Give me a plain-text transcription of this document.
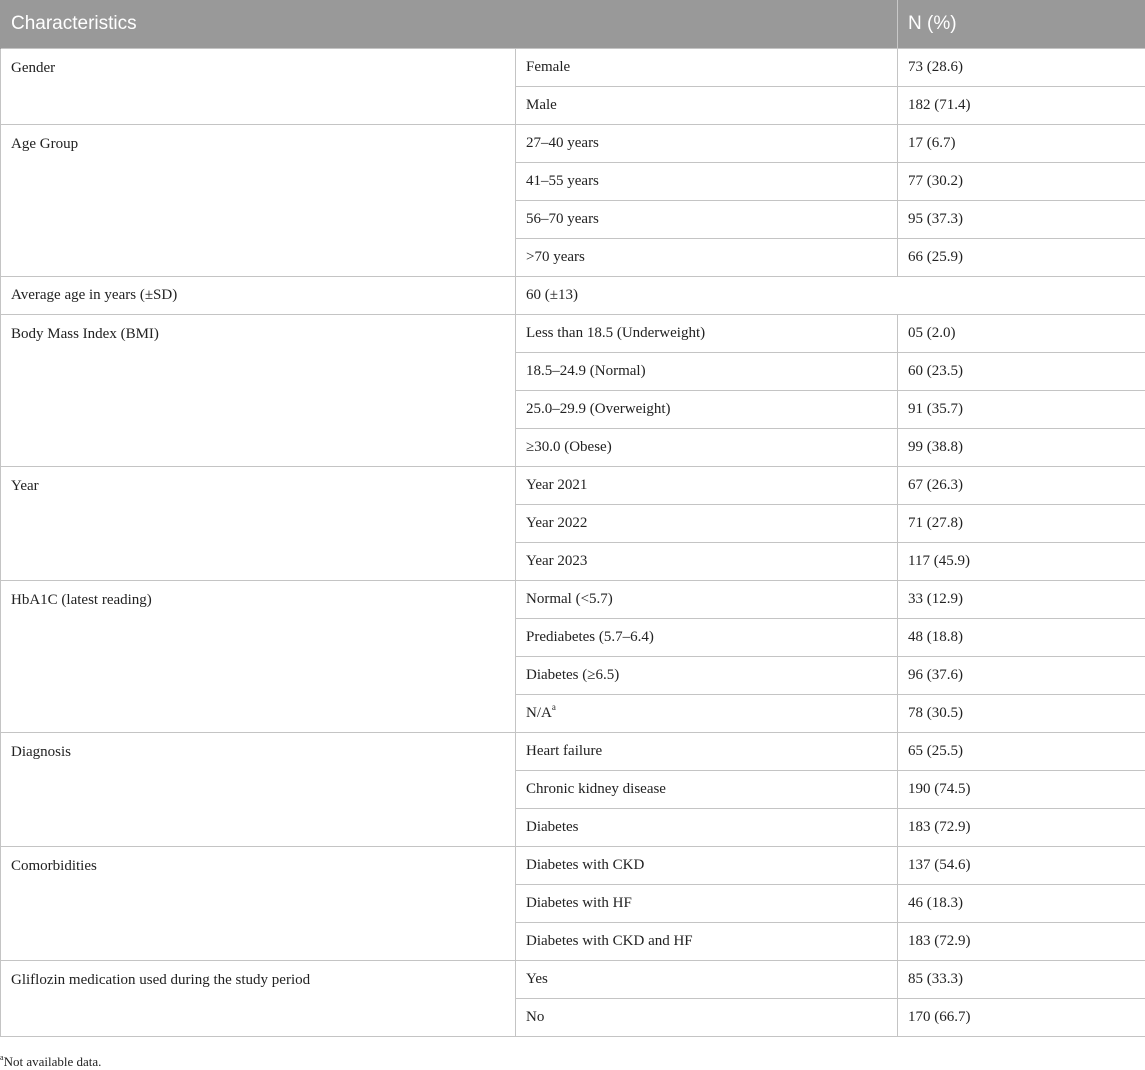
Characteristics		N (%)
Gender	Female	73 (28.6)
	Male	182 (71.4)
Age Group	27–40 years	17 (6.7)
	41–55 years	77 (30.2)
	56–70 years	95 (37.3)
	>70 years	66 (25.9)
Average age in years (±SD)	60 (±13)	
Body Mass Index (BMI)	Less than 18.5 (Underweight)	05 (2.0)
	18.5–24.9 (Normal)	60 (23.5)
	25.0–29.9 (Overweight)	91 (35.7)
	≥30.0 (Obese)	99 (38.8)
Year	Year 2021	67 (26.3)
	Year 2022	71 (27.8)
	Year 2023	117 (45.9)
HbA1C (latest reading)	Normal (<5.7)	33 (12.9)
	Prediabetes (5.7–6.4)	48 (18.8)
	Diabetes (≥6.5)	96 (37.6)
	$N/A^a$	78 (30.5)
Diagnosis	Heart failure	65 (25.5)
	Chronic kidney disease	190 (74.5)
	Diabetes	183 (72.9)
Comorbidities	Diabetes with CKD	137 (54.6)
	Diabetes with HF	46 (18.3)
	Diabetes with CKD and HF	183 (72.9)
Gliflozin medication used during the study period	Yes	85 (33.3)
	No	170 (66.7)
$^a$Not available data.
